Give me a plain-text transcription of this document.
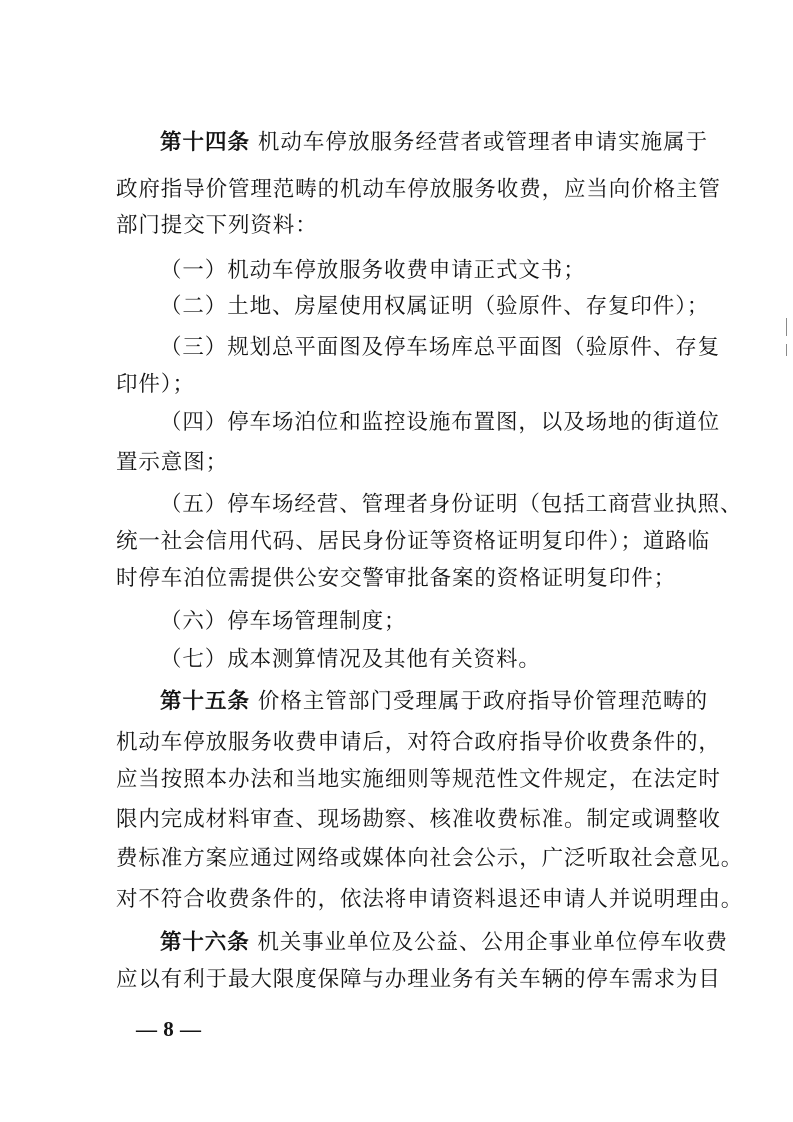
第十四条 机动车停放服务经营者或管理者申请实施属于
政府指导价管理范畴的机动车停放服务收费，应当向价格主管
部门提交下列资料：
（一）机动车停放服务收费申请正式文书；
（二）土地、房屋使用权属证明（验原件、存复印件）；
（三）规划总平面图及停车场库总平面图（验原件、存复
印件）；
（四）停车场泊位和监控设施布置图，以及场地的街道位
置示意图；
（五）停车场经营、管理者身份证明（包括工商营业执照、
统一社会信用代码、居民身份证等资格证明复印件）；道路临
时停车泊位需提供公安交警审批备案的资格证明复印件；
（六）停车场管理制度；
（七）成本测算情况及其他有关资料。
第十五条 价格主管部门受理属于政府指导价管理范畴的
机动车停放服务收费申请后，对符合政府指导价收费条件的，
应当按照本办法和当地实施细则等规范性文件规定，在法定时
限内完成材料审查、现场勘察、核准收费标准。制定或调整收
费标准方案应通过网络或媒体向社会公示，广泛听取社会意见。
对不符合收费条件的，依法将申请资料退还申请人并说明理由。
第十六条 机关事业单位及公益、公用企事业单位停车收费
应以有利于最大限度保障与办理业务有关车辆的停车需求为目
— 8 —
